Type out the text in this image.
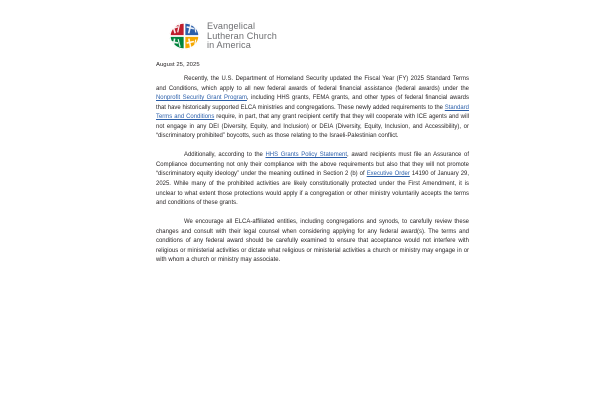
Evangelical
Lutheran Church
in America
August 25, 2025

Recently, the U.S. Department of Homeland Security updated the Fiscal Year (FY) 2025 Standard Terms and Conditions, which apply to all new federal awards of federal financial assistance (federal awards) under the Nonprofit Security Grant Program, including HHS grants, FEMA grants, and other types of federal financial awards that have historically supported ELCA ministries and congregations. These newly added requirements to the Standard Terms and Conditions require, in part, that any grant recipient certify that they will cooperate with ICE agents and will not engage in any DEI (Diversity, Equity, and Inclusion) or DEIA (Diversity, Equity, Inclusion, and Accessibility), or “discriminatory prohibited” boycotts, such as those relating to the Israeli-Palestinian conflict.

Additionally, according to the HHS Grants Policy Statement, award recipients must file an Assurance of Compliance documenting not only their compliance with the above requirements but also that they will not promote “discriminatory equity ideology” under the meaning outlined in Section 2 (b) of Executive Order 14190 of January 29, 2025. While many of the prohibited activities are likely constitutionally protected under the First Amendment, it is unclear to what extent those protections would apply if a congregation or other ministry voluntarily accepts the terms and conditions of these grants.

We encourage all ELCA-affiliated entities, including congregations and synods, to carefully review these changes and consult with their legal counsel when considering applying for any federal award(s). The terms and conditions of any federal award should be carefully examined to ensure that acceptance would not interfere with religious or ministerial activities or dictate what religious or ministerial activities a church or ministry may engage in or with whom a church or ministry may associate.
